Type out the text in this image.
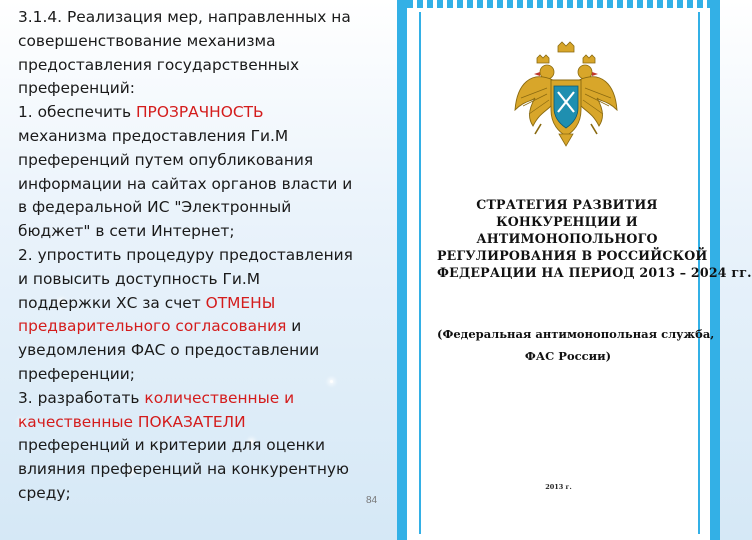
3.1.4. Реализация мер, направленных на
совершенствование механизма
предоставления государственных
преференций:
1. обеспечить ПРОЗРАЧНОСТЬ
механизма предоставления Ги.М
преференций путем опубликования
информации на сайтах органов власти и
в федеральной ИС "Электронный
бюджет" в сети Интернет;
2. упростить процедуру предоставления
и повысить доступность Ги.М
поддержки ХС за счет ОТМЕНЫ
предварительного согласования и
уведомления ФАС о предоставлении
преференции;
3. разработать количественные и
качественные ПОКАЗАТЕЛИ
преференций и критерии для оценки
влияния преференций на конкурентную
среду;	84
СТРАТЕГИЯ РАЗВИТИЯ
КОНКУРЕНЦИИ И
АНТИМОНОПОЛЬНОГО
РЕГУЛИРОВАНИЯ В РОССИЙСКОЙ
ФЕДЕРАЦИИ НА ПЕРИОД 2013 – 2024 гг.
(Федеральная антимонопольная служба,
ФАС России)
2013 г.
